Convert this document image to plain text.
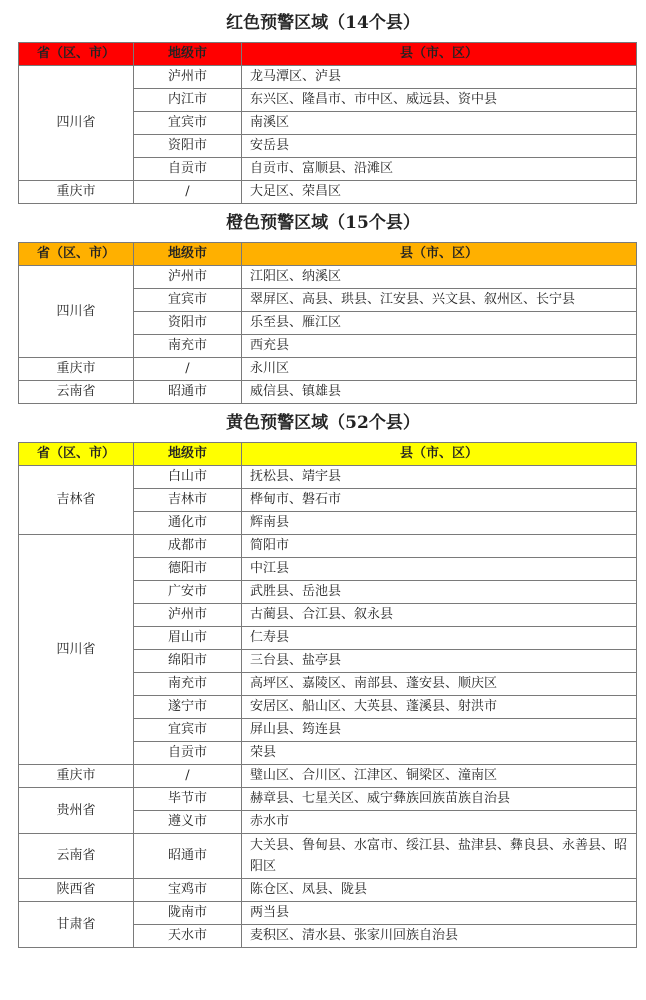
红色预警区域（14个县）
省（区、市）	地级市	县（市、区）
四川省	泸州市	龙马潭区、泸县
	内江市	东兴区、隆昌市、市中区、威远县、资中县
	宜宾市	南溪区
	资阳市	安岳县
	自贡市	自贡市、富顺县、沿滩区
重庆市	/	大足区、荣昌区
橙色预警区域（15个县）
省（区、市）	地级市	县（市、区）
四川省	泸州市	江阳区、纳溪区
	宜宾市	翠屏区、高县、珙县、江安县、兴文县、叙州区、长宁县
	资阳市	乐至县、雁江区
	南充市	西充县
重庆市	/	永川区
云南省	昭通市	威信县、镇雄县
黄色预警区域（52个县）
省（区、市）	地级市	县（市、区）
吉林省	白山市	抚松县、靖宇县
	吉林市	桦甸市、磐石市
	通化市	辉南县
四川省	成都市	简阳市
	德阳市	中江县
	广安市	武胜县、岳池县
	泸州市	古蔺县、合江县、叙永县
	眉山市	仁寿县
	绵阳市	三台县、盐亭县
	南充市	高坪区、嘉陵区、南部县、蓬安县、顺庆区
	遂宁市	安居区、船山区、大英县、蓬溪县、射洪市
	宜宾市	屏山县、筠连县
	自贡市	荣县
重庆市	/	璧山区、合川区、江津区、铜梁区、潼南区
贵州省	毕节市	赫章县、七星关区、威宁彝族回族苗族自治县
	遵义市	赤水市
云南省	昭通市	大关县、鲁甸县、水富市、绥江县、盐津县、彝良县、永善县、昭阳区
陕西省	宝鸡市	陈仓区、凤县、陇县
甘肃省	陇南市	两当县
	天水市	麦积区、清水县、张家川回族自治县
